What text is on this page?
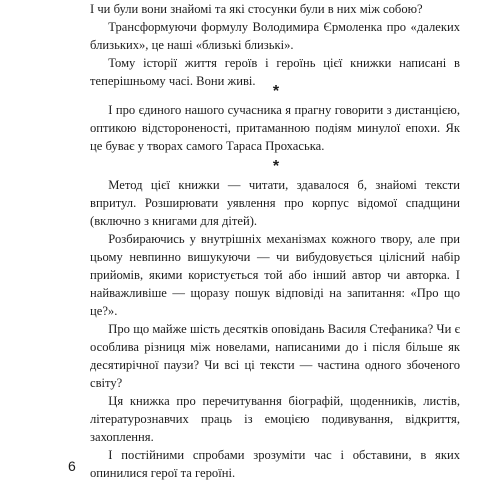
І чи були вони знайомі та які стосунки були в них між собою?

Трансформуючи формулу Володимира Єрмоленка про «далеких близьких», це наші «близькі близькі».

Тому історії життя героїв і героїнь цієї книжки написані в теперішньому часі. Вони живі.

*

І про єдиного нашого сучасника я прагну говорити з дистанцією, оптикою відстороненості, притаманною подіям минулої епохи. Як це буває у творах самого Тараса Прохаська.

*

Метод цієї книжки — читати, здавалося б, знайомі тексти впритул. Розширювати уявлення про корпус відомої спадщини (включно з книгами для дітей).

Розбираючись у внутрішніх механізмах кожного твору, але при цьому невпинно вишукуючи — чи вибудовується цілісний набір прийомів, якими користується той або інший автор чи авторка. І найважливіше — щоразу пошук відповіді на запитання: «Про що це?».

Про що майже шість десятків оповідань Василя Стефаника? Чи є особлива різниця між новелами, написаними до і після більше як десятирічної паузи? Чи всі ці тексти — частина одного збоченого світу?

Ця книжка про перечитування біографій, щоденників, листів, літературознавчих праць із емоцією подивування, відкриття, захоплення.

І постійними спробами зрозуміти час і обставини, в яких опинилися герої та героїні.

6
